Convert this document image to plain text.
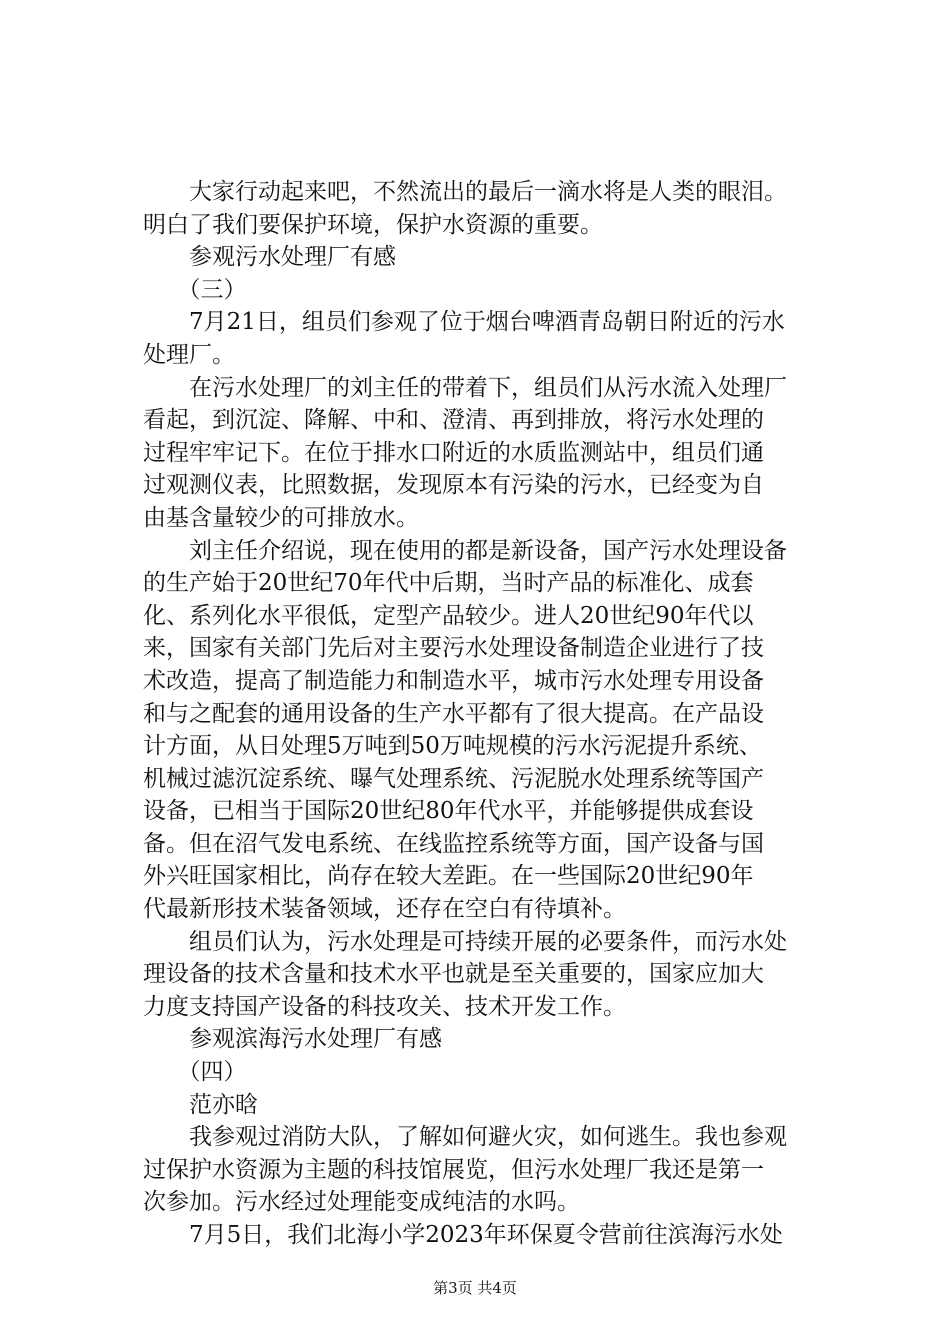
　　大家行动起来吧，不然流出的最后一滴水将是人类的眼泪。
明白了我们要保护环境，保护水资源的重要。
　　参观污水处理厂有感
　　（三）
　　7月21日，组员们参观了位于烟台啤酒青岛朝日附近的污水
处理厂。
　　在污水处理厂的刘主任的带着下，组员们从污水流入处理厂
看起，到沉淀、降解、中和、澄清、再到排放，将污水处理的
过程牢牢记下。在位于排水口附近的水质监测站中，组员们通
过观测仪表，比照数据，发现原本有污染的污水，已经变为自
由基含量较少的可排放水。
　　刘主任介绍说，现在使用的都是新设备，国产污水处理设备
的生产始于20世纪70年代中后期，当时产品的标准化、成套
化、系列化水平很低，定型产品较少。进人20世纪90年代以
来，国家有关部门先后对主要污水处理设备制造企业进行了技
术改造，提高了制造能力和制造水平，城市污水处理专用设备
和与之配套的通用设备的生产水平都有了很大提高。在产品设
计方面，从日处理5万吨到50万吨规模的污水污泥提升系统、
机械过滤沉淀系统、曝气处理系统、污泥脱水处理系统等国产
设备，已相当于国际20世纪80年代水平，并能够提供成套设
备。但在沼气发电系统、在线监控系统等方面，国产设备与国
外兴旺国家相比，尚存在较大差距。在一些国际20世纪90年
代最新形技术装备领域，还存在空白有待填补。
　　组员们认为，污水处理是可持续开展的必要条件，而污水处
理设备的技术含量和技术水平也就是至关重要的，国家应加大
力度支持国产设备的科技攻关、技术开发工作。
　　参观滨海污水处理厂有感
　　（四）
　　范亦晗
　　我参观过消防大队，了解如何避火灾，如何逃生。我也参观
过保护水资源为主题的科技馆展览，但污水处理厂我还是第一
次参加。污水经过处理能变成纯洁的水吗。
　　7月5日，我们北海小学2023年环保夏令营前往滨海污水处
第3页 共4页
